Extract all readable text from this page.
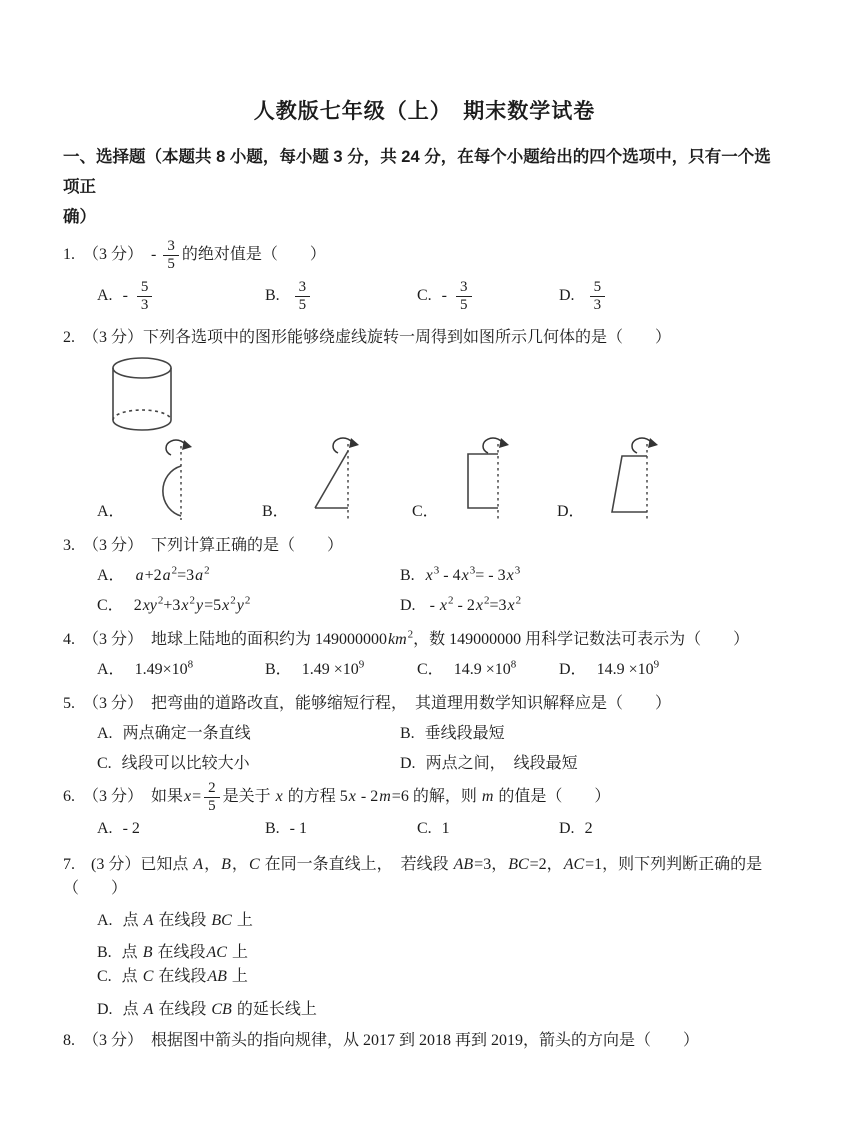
人教版七年级（上）　期末数学试卷
一、选择题（本题共 8 小题，每小题 3 分，共 24 分，在每个小题给出的四个选项中，只有一个选项正
确）
1.　（3 分）　- $\frac{3}{5}$ 的绝对值是（　　）
A. - $\frac{5}{3}$	B. $\frac{3}{5}$	C. - $\frac{3}{5}$	D. $\frac{5}{3}$
2.　（3 分）下列各选项中的图形能够绕虚线旋转一周得到如图所示几何体的是（　　）
A．	B．	C．	D．
3.　（3 分）　下列计算正确的是（　　）
A． $a+2a^2=3a^2$	B. $x^3 - 4x^3= - 3x^3$
C． $2xy^2+3x^2y=5x^2y^2$	D. - $x^2 - 2x^2=3x^2$
4.　（3 分）　地球上陆地的面积约为 $149000000km^2$，数 149000000 用科学记数法可表示为（　　）
A． $1.49\times 10^8$	B． $1.49 \times 10^9$	C． $14.9 \times 10^8$	D． $14.9 \times 10^9$
5.　（3 分）　把弯曲的道路改直，能够缩短行程，　其道理用数学知识解释应是（　　）
A. 两点确定一条直线	B. 垂线段最短
C. 线段可以比较大小	D. 两点之间，　线段最短
6.　（3 分）　如果$x= \frac{2}{5}$ 是关于 x 的方程 5x - 2m=6 的解，则 m 的值是（　　）
A. - 2	B. - 1	C. 1	D. 2
7.　(3 分）已知点 A，B，C 在同一条直线上，　若线段 AB=3，BC=2，AC=1，则下列判断正确的是
（　　）
A. 点 A 在线段 BC 上
B. 点 B 在线段AC 上
C. 点 C 在线段AB 上
D. 点 A 在线段 CB 的延长线上
8.　（3 分）　根据图中箭头的指向规律，从 2017 到 2018 再到 2019，箭头的方向是（　　）
